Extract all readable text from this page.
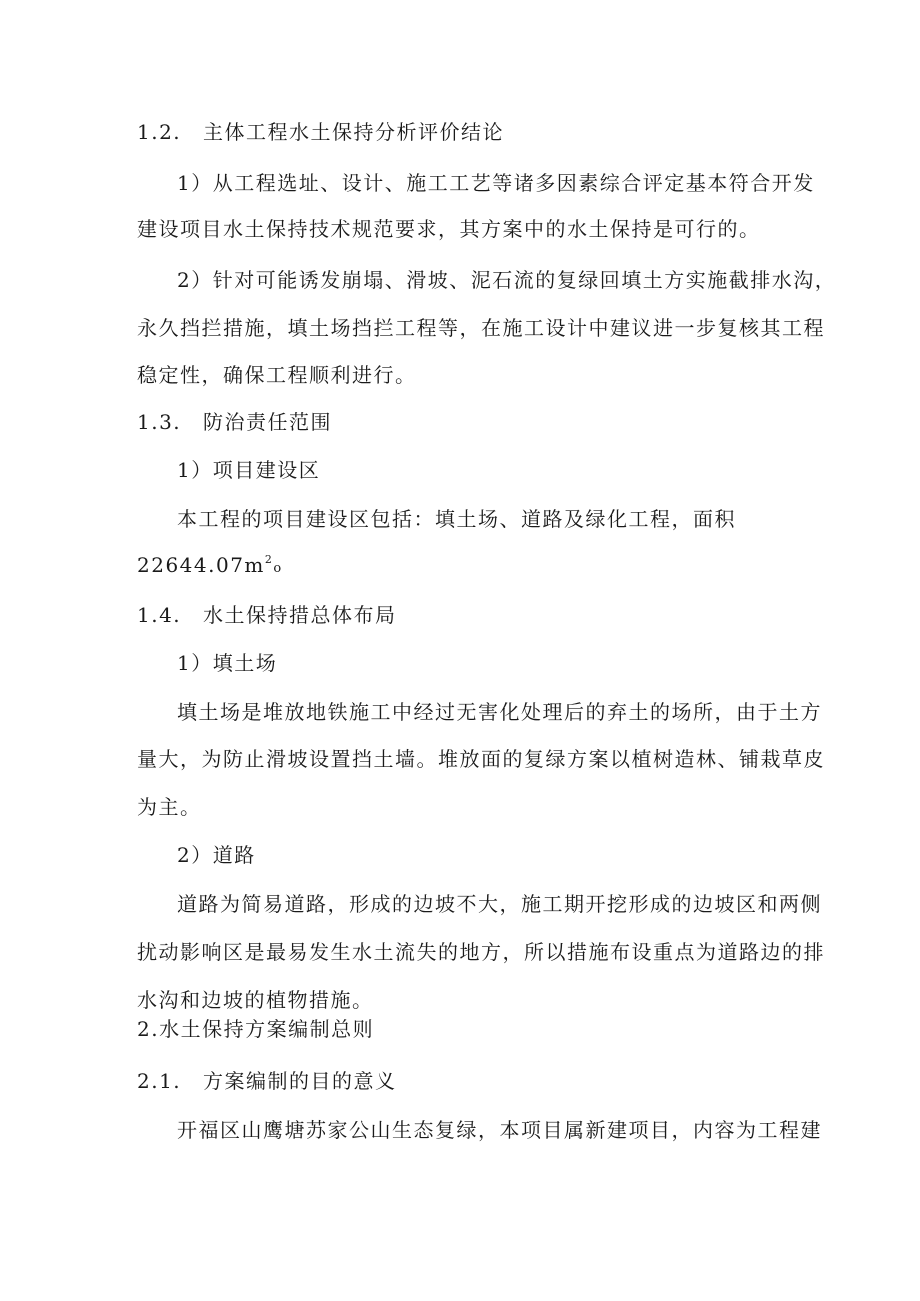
1.2. 主体工程水土保持分析评价结论
1）从工程选址、设计、施工工艺等诸多因素综合评定基本符合开发
建设项目水土保持技术规范要求，其方案中的水土保持是可行的。
2）针对可能诱发崩塌、滑坡、泥石流的复绿回填土方实施截排水沟，
永久挡拦措施，填土场挡拦工程等，在施工设计中建议进一步复核其工程
稳定性，确保工程顺利进行。
1.3. 防治责任范围
1）项目建设区
本工程的项目建设区包括：填土场、道路及绿化工程，面积
$22644.07m^2o$
1.4. 水土保持措总体布局
1）填土场
填土场是堆放地铁施工中经过无害化处理后的弃土的场所，由于土方
量大，为防止滑坡设置挡土墙。堆放面的复绿方案以植树造林、铺栽草皮
为主。
2）道路
道路为简易道路，形成的边坡不大，施工期开挖形成的边坡区和两侧
扰动影响区是最易发生水土流失的地方，所以措施布设重点为道路边的排
水沟和边坡的植物措施。
2.水土保持方案编制总则
2.1. 方案编制的目的意义
开福区山鹰塘苏家公山生态复绿，本项目属新建项目，内容为工程建
